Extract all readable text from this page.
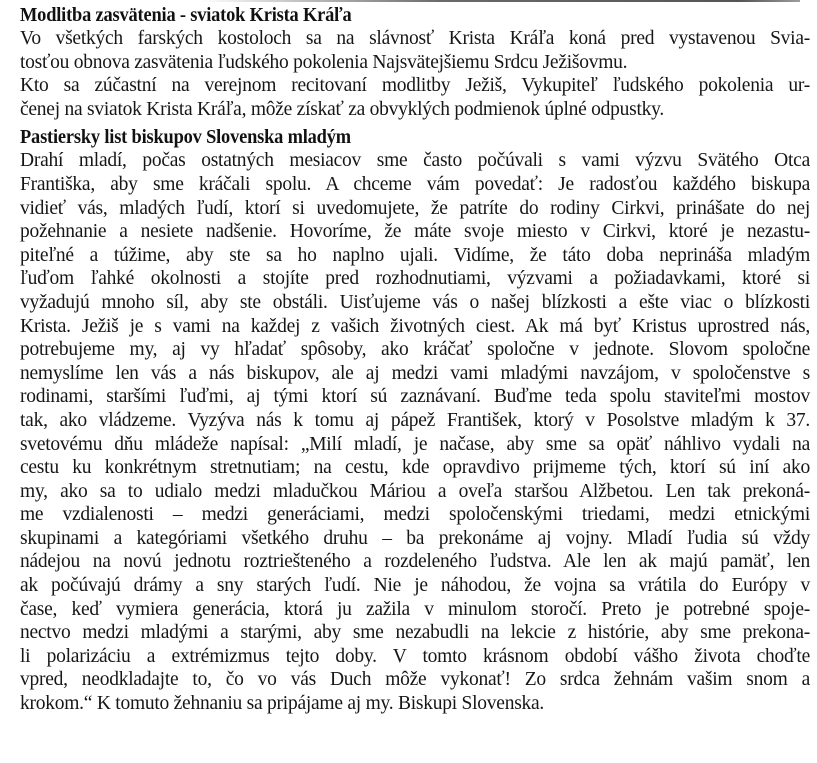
Modlitba zasvätenia - sviatok Krista Kráľa

Vo všetkých farských kostoloch sa na slávnosť Krista Kráľa koná pred vystavenou Svia-
tosťou obnova zasvätenia ľudského pokolenia Najsvätejšiemu Srdcu Ježišovmu.
Kto sa zúčastní na verejnom recitovaní modlitby Ježiš, Vykupiteľ ľudského pokolenia ur-
čenej na sviatok Krista Kráľa, môže získať za obvyklých podmienok úplné odpustky.

Pastiersky list biskupov Slovenska mladým

Drahí mladí, počas ostatných mesiacov sme často počúvali s vami výzvu Svätého Otca
Františka, aby sme kráčali spolu. A chceme vám povedať: Je radosťou každého biskupa
vidieť vás, mladých ľudí, ktorí si uvedomujete, že patríte do rodiny Cirkvi, prinášate do nej
požehnanie a nesiete nadšenie. Hovoríme, že máte svoje miesto v Cirkvi, ktoré je nezastu-
piteľné a túžime, aby ste sa ho naplno ujali. Vidíme, že táto doba neprináša mladým
ľuďom ľahké okolnosti a stojíte pred rozhodnutiami, výzvami a požiadavkami, ktoré si
vyžadujú mnoho síl, aby ste obstáli. Uisťujeme vás o našej blízkosti a ešte viac o blízkosti
Krista. Ježiš je s vami na každej z vašich životných ciest. Ak má byť Kristus uprostred nás,
potrebujeme my, aj vy hľadať spôsoby, ako kráčať spoločne v jednote. Slovom spoločne
nemyslíme len vás a nás biskupov, ale aj medzi vami mladými navzájom, v spoločenstve s
rodinami, staršími ľuďmi, aj tými ktorí sú zaznávaní. Buďme teda spolu staviteľmi mostov
tak, ako vládzeme. Vyzýva nás k tomu aj pápež František, ktorý v Posolstve mladým k 37.
svetovému dňu mládeže napísal: „Milí mladí, je načase, aby sme sa opäť náhlivo vydali na
cestu ku konkrétnym stretnutiam; na cestu, kde opravdivo prijmeme tých, ktorí sú iní ako
my, ako sa to udialo medzi mladučkou Máriou a oveľa staršou Alžbetou. Len tak prekoná-
me vzdialenosti – medzi generáciami, medzi spoločenskými triedami, medzi etnickými
skupinami a kategóriami všetkého druhu – ba prekonáme aj vojny. Mladí ľudia sú vždy
nádejou na novú jednotu roztriešteného a rozdeleného ľudstva. Ale len ak majú pamäť, len
ak počúvajú drámy a sny starých ľudí. Nie je náhodou, že vojna sa vrátila do Európy v
čase, keď vymiera generácia, ktorá ju zažila v minulom storočí. Preto je potrebné spoje-
nectvo medzi mladými a starými, aby sme nezabudli na lekcie z histórie, aby sme prekona-
li polarizáciu a extrémizmus tejto doby. V tomto krásnom období vášho života choďte
vpred, neodkladajte to, čo vo vás Duch môže vykonať! Zo srdca žehnám vašim snom a
krokom.“ K tomuto žehnaniu sa pripájame aj my. Biskupi Slovenska.
